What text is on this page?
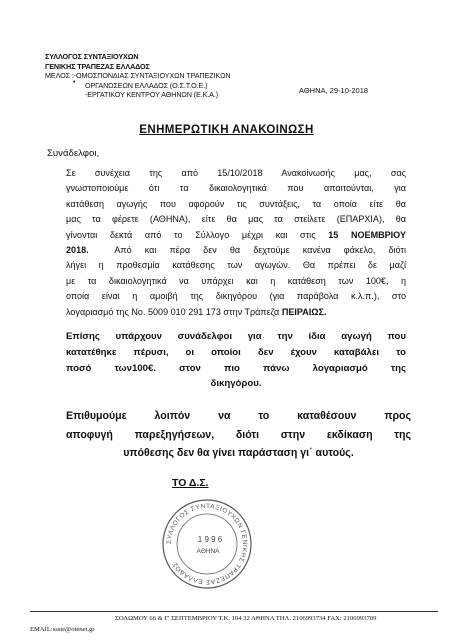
ΣΥΛΛΟΓΟΣ ΣΥΝΤΑΞΙΟΥΧΩΝ
ΓΕΝΙΚΗΣ ΤΡΑΠΕΖΑΣ ΕΛΛΑΔΟΣ
ΜΕΛΟΣ :-ΟΜΟΣΠΟΝΔΙΑΣ ΣΥΝΤΑΞΙΟΥΧΩΝ ΤΡΑΠΕΖΙΚΩΝ
ΟΡΓΑΝΩΣΕΩΝ ΕΛΛΑΔΟΣ (Ο.Σ.Τ.Ο.Ε.)
-ΕΡΓΑΤΙΚΟΥ ΚΕΝΤΡΟΥ ΑΘΗΝΩΝ (Ε.Κ.Α.)
•
ΑΘΗΝΑ, 29-10-2018
ΕΝΗΜΕΡΩΤΙΚΗ ΑΝΑΚΟΙΝΩΣΗ
Συνάδελφοι,
Σε συνέχεια της από 15/10/2018 Ανακοίνωσής μας, σας
γνωστοποιούμε ότι τα δικαιολογητικά που απαιτούνται, για
κατάθεση αγωγής που αφορούν τις συντάξεις, τα οποία είτε θα
μας τα φέρετε (ΑΘΗΝΑ), είτε θα μας τα στείλετε (ΕΠΑΡΧΙΑ), θα
γίνονται δεκτά από το Σύλλογο μέχρι και στις 15 ΝΟΕΜΒΡΙΟΥ
2018.	Από και πέρα δεν θα δεχτούμε κανένα φάκελο, διότι
λήγει η προθεσμία κατάθεσης των αγωγών. Θα πρέπει δε μαζί
με τα δικαιολογητικά να υπάρχει και η κατάθεση των 100€, η
οποία είναι η αμοιβή της δικηγόρου (για παράβολα κ.λ.π.), στο
λογαριασμό της No. 5009 010 291 173 στην Τράπεζα ΠΕΙΡΑΙΩΣ.
Επίσης υπάρχουν συνάδελφοι για την ίδια αγωγή που
κατατέθηκε πέρυσι, οι οποίοι δεν έχουν καταβάλει το
ποσό των100€. στον πιο πάνω λογαριασμό της
δικηγόρου.
Επιθυμούμε λοιπόν να το καταθέσουν προς
αποφυγή παρεξηγήσεων, διότι στην εκδίκαση της
υπόθεσης δεν θα γίνει παράσταση γι΄ αυτούς.
ΤΟ Δ.Σ.
ΣΥΛΛΟΓΟΣ ΣΥΝΤΑΞΙΟΥΧΩΝ ΓΕΝΙΚΗΣ ΤΡΑΠΕΖΑΣ ΕΛΛΑΔΟΣ
1 9 9 6
ΑΘΗΝΑ
ΣΟΛΩΜΟΥ 66 & Γ' ΣΕΠΤΕΜΒΡΙΟΥ Τ.Κ. 104 32 ΑΘΗΝΑ ΤΗΛ. 2106993734 FAX: 2106993709
EMAIL:ssste@otenet.gr
